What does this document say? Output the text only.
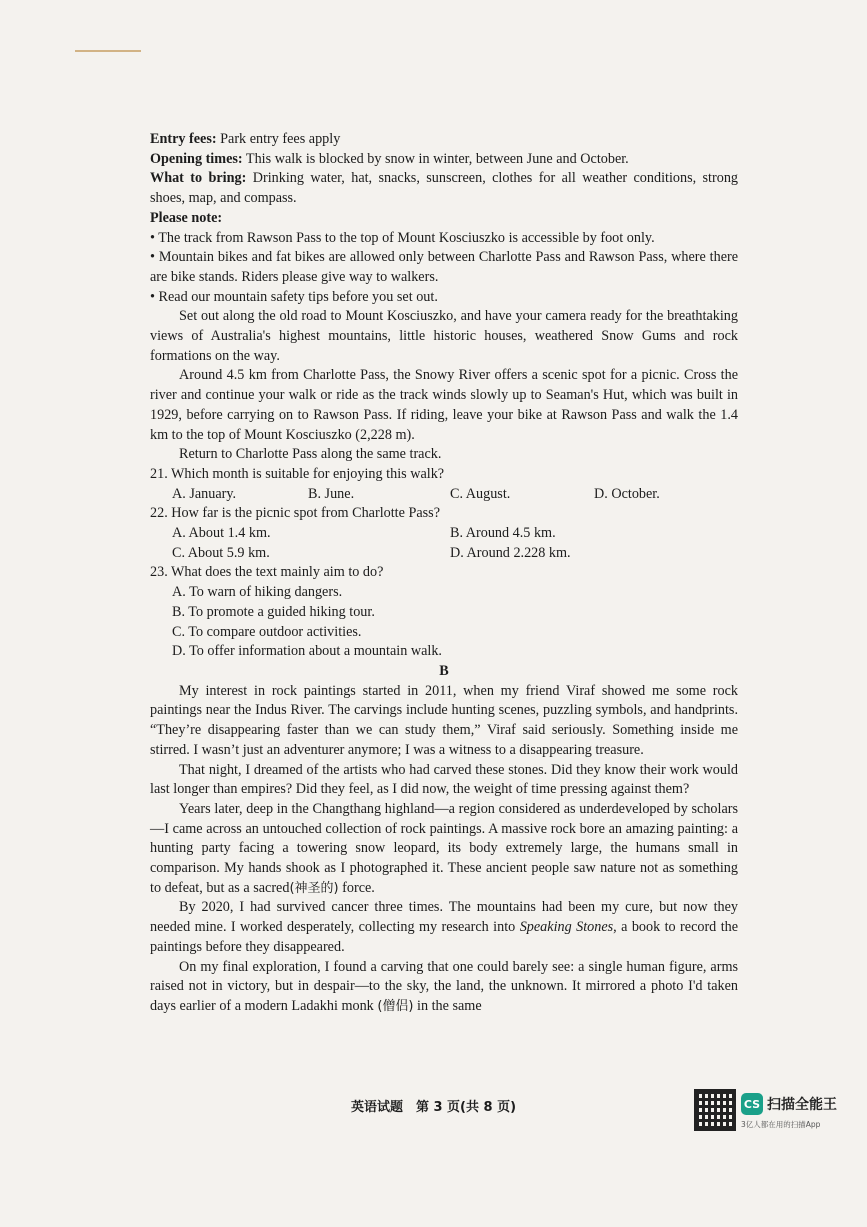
Entry fees: Park entry fees apply

Opening times: This walk is blocked by snow in winter, between June and October.

What to bring: Drinking water, hat, snacks, sunscreen, clothes for all weather conditions, strong shoes, map, and compass.

Please note:

• The track from Rawson Pass to the top of Mount Kosciuszko is accessible by foot only.

• Mountain bikes and fat bikes are allowed only between Charlotte Pass and Rawson Pass, where there are bike stands. Riders please give way to walkers.

• Read our mountain safety tips before you set out.

Set out along the old road to Mount Kosciuszko, and have your camera ready for the breathtaking views of Australia's highest mountains, little historic houses, weathered Snow Gums and rock formations on the way.

Around 4.5 km from Charlotte Pass, the Snowy River offers a scenic spot for a picnic. Cross the river and continue your walk or ride as the track winds slowly up to Seaman's Hut, which was built in 1929, before carrying on to Rawson Pass. If riding, leave your bike at Rawson Pass and walk the 1.4 km to the top of Mount Kosciuszko (2,228 m).

Return to Charlotte Pass along the same track.

21. Which month is suitable for enjoying this walk?

A. January.	B. June.	C. August.	D. October.

22. How far is the picnic spot from Charlotte Pass?

A. About 1.4 km.	B. Around 4.5 km.
C. About 5.9 km.	D. Around 2.228 km.

23. What does the text mainly aim to do?

A. To warn of hiking dangers.

B. To promote a guided hiking tour.

C. To compare outdoor activities.

D. To offer information about a mountain walk.

B

My interest in rock paintings started in 2011, when my friend Viraf showed me some rock paintings near the Indus River. The carvings include hunting scenes, puzzling symbols, and handprints. “They’re disappearing faster than we can study them,” Viraf said seriously. Something inside me stirred. I wasn’t just an adventurer anymore; I was a witness to a disappearing treasure.

That night, I dreamed of the artists who had carved these stones. Did they know their work would last longer than empires? Did they feel, as I did now, the weight of time pressing against them?

Years later, deep in the Changthang highland—a region considered as underdeveloped by scholars—I came across an untouched collection of rock paintings. A massive rock bore an amazing painting: a hunting party facing a towering snow leopard, its body extremely large, the humans small in comparison. My hands shook as I photographed it. These ancient people saw nature not as something to defeat, but as a sacred(神圣的) force.

By 2020, I had survived cancer three times. The mountains had been my cure, but now they needed mine. I worked desperately, collecting my research into Speaking Stones, a book to record the paintings before they disappeared.

On my final exploration, I found a carving that one could barely see: a single human figure, arms raised not in victory, but in despair—to the sky, the land, the unknown. It mirrored a photo I'd taken days earlier of a modern Ladakhi monk (僧侣) in the same

英语试题　第 3 页(共 8 页)	CS 扫描全能王
3亿人都在用的扫描App
